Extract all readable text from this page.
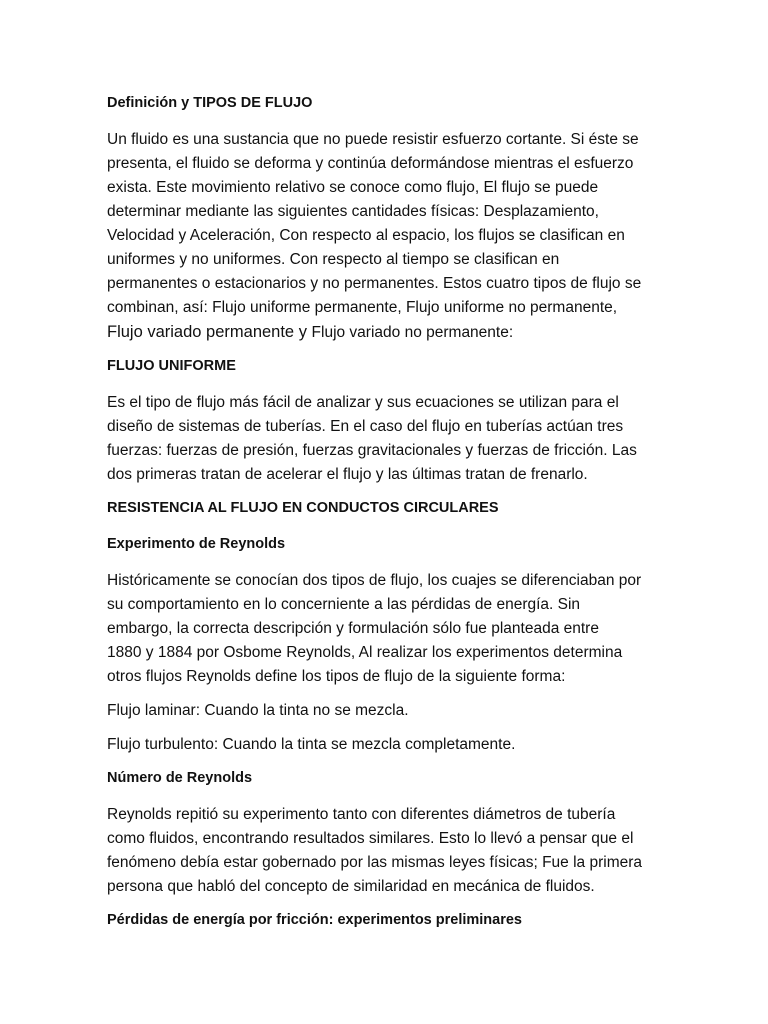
Definición y TIPOS DE FLUJO
Un fluido es una sustancia que no puede resistir esfuerzo cortante. Si éste se
presenta, el fluido se deforma y continúa deformándose mientras el esfuerzo
exista. Este movimiento relativo se conoce como flujo, El flujo se puede
determinar mediante las siguientes cantidades físicas: Desplazamiento,
Velocidad y Aceleración, Con respecto al espacio, los flujos se clasifican en
uniformes y no uniformes. Con respecto al tiempo se clasifican en
permanentes o estacionarios y no permanentes. Estos cuatro tipos de flujo se
combinan, así: Flujo uniforme permanente, Flujo uniforme no permanente,
Flujo variado permanente y Flujo variado no permanente:
FLUJO UNIFORME
Es el tipo de flujo más fácil de analizar y sus ecuaciones se utilizan para el
diseño de sistemas de tuberías. En el caso del flujo en tuberías actúan tres
fuerzas: fuerzas de presión, fuerzas gravitacionales y fuerzas de fricción. Las
dos primeras tratan de acelerar el flujo y las últimas tratan de frenarlo.
RESISTENCIA AL FLUJO EN CONDUCTOS CIRCULARES
Experimento de Reynolds
Históricamente se conocían dos tipos de flujo, los cuajes se diferenciaban por
su comportamiento en lo concerniente a las pérdidas de energía. Sin
embargo, la correcta descripción y formulación sólo fue planteada entre
1880 y 1884 por Osbome Reynolds, Al realizar los experimentos determina
otros flujos Reynolds define los tipos de flujo de la siguiente forma:
Flujo laminar: Cuando la tinta no se mezcla.
Flujo turbulento: Cuando la tinta se mezcla completamente.
Número de Reynolds
Reynolds repitió su experimento tanto con diferentes diámetros de tubería
como fluidos, encontrando resultados similares. Esto lo llevó a pensar que el
fenómeno debía estar gobernado por las mismas leyes físicas; Fue la primera
persona que habló del concepto de similaridad en mecánica de fluidos.
Pérdidas de energía por fricción: experimentos preliminares
